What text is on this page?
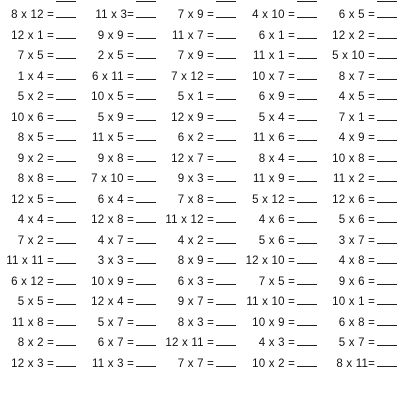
8 x 12 =	11 x 3=	7 x 9 =	4 x 10 =	6 x 5 =
12 x 1 =	9 x 9 =	11 x 7 =	6 x 1 =	12 x 2 =
7 x 5 =	2 x 5 =	7 x 9 =	11 x 1 =	5 x 10 =
1 x 4 =	6 x 11 =	7 x 12 =	10 x 7 =	8 x 7 =
5 x 2 =	10 x 5 =	5 x 1 =	6 x 9 =	4 x 5 =
10 x 6 =	5 x 9 =	12 x 9 =	5 x 4 =	7 x 1 =
8 x 5 =	11 x 5 =	6 x 2 =	11 x 6 =	4 x 9 =
9 x 2 =	9 x 8 =	12 x 7 =	8 x 4 =	10 x 8 =
8 x 8 =	7 x 10 =	9 x 3 =	11 x 9 =	11 x 2 =
12 x 5 =	6 x 4 =	7 x 8 =	5 x 12 =	12 x 6 =
4 x 4 =	12 x 8 =	11 x 12 =	4 x 6 =	5 x 6 =
7 x 2 =	4 x 7 =	4 x 2 =	5 x 6 =	3 x 7 =
11 x 11 =	3 x 3 =	8 x 9 =	12 x 10 =	4 x 8 =
6 x 12 =	10 x 9 =	6 x 3 =	7 x 5 =	9 x 6 =
5 x 5 =	12 x 4 =	9 x 7 =	11 x 10 =	10 x 1 =
11 x 8 =	5 x 7 =	8 x 3 =	10 x 9 =	6 x 8 =
8 x 2 =	6 x 7 =	12 x 11 =	4 x 3 =	5 x 7 =
12 x 3 =	11 x 3 =	7 x 7 =	10 x 2 =	8 x 11=
